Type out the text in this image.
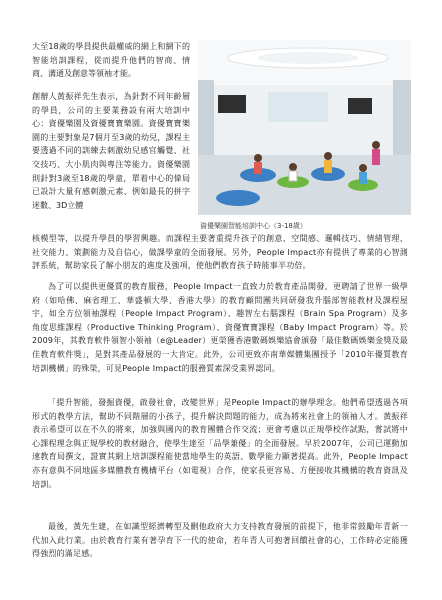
大至18歲的學員提供最權威的網上和網下的智能培訓課程，從而提升他們的智商、情商、溝通及創意等領袖才能。

創辦人黃振祥先生表示，為針對不同年齡層的學員，公司的主要業務設有兩大培訓中心：資優樂園及資優寶寶樂園。資優寶寶樂園的主要對象是7個月至3歲的幼兒，課程主要透過不同的訓練去刺激幼兒感官觸覺、社交技巧、大小肌肉與專注等能力。資優樂園則針對3歲至18歲的學童，單着中心的偉局已設計大量有感刺激元素、例如最長的拼字迷數、3D立體

資優樂園智能培訓中心（3-18歲）

核模型等，以提升學員的學習興趣。而課程主要著重提升孩子的創意、空間感、邏輯技巧、情緒管理、社交能力、策劃能力及自信心，做課學童的全面發展。另外，People Impact亦有提供了專業的心智測評系統，幫助家長了解小朋友的進度及強項，使他們教育孩子時能事半功倍。

為了可以提供更優質的教育服務，People Impact一直致力於教育產品開發，更聘請了世界一級學府（如哈佛、麻省理工、華盛頓大學、香港大學）的教育顧問團共同研發我升腦部智能教材及課程屋宇，如全方位領袖課程（People Impact Program）、趣智左右腦課程（Brain Spa Program）及多角度思維課程（Productive Thinking Program）、資優寶寶課程（Baby Impact Program）等。於2009年，其教育軟件領智小領袖（e@Leader）更榮獲香港數碼娛樂協會頒發「最佳數碼娛樂金獎及最佳教育軟件獎」，是對其產品發展的一大肯定。此外，公司更致亦南華媒體集團授予「2010年優質教育培訓機構」的殊榮，可見People Impact的服務質素深受業界認同。

「提升智能，發掘資優，啟發社會，改變世界」是People Impact的辦學理念。他們希望透過各項形式的教學方法，幫助不同階層的小孩子，提升解決問題的能力，成為將來社會上的領袖人才。黃振祥表示希望可以在不久的將來，加強與國內的教育團體合作交流；更會考慮以正規學校作試點，嘗試將中心課程理念與正規學校的教材融合，使學生達至「品學兼優」的全面發展。早於2007年，公司已運動加速教育局撰文，證實其網上培訓課程能使當地學生的英語、數學能力顯著提高。此外，People Impact亦有意與不同地區多媒體教育機構平台（如電視）合作，使家長更容易、方便接收其機構的教育資訊及培訓。

最後，黃先生建，在如識型經濟轉型及刪他政府大力支持教育發展的前提下，他非常鼓勵年青新一代加入此行業。由於教育行業有著孕育下一代的使命，若年青人可抱著回饋社會的心，工作時必定能獲得強烈的滿足感。
